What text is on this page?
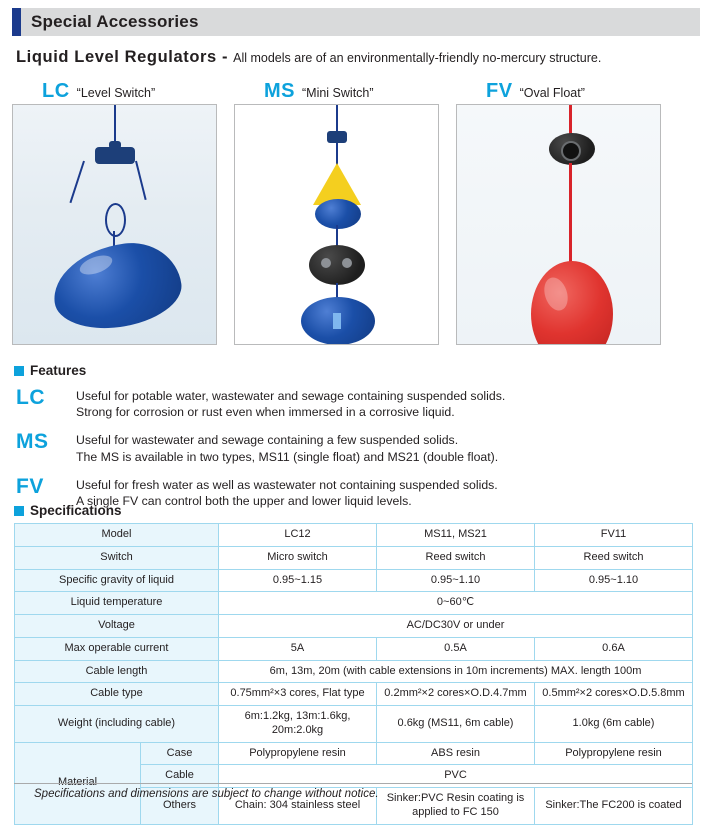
Special Accessories
Liquid Level Regulators - All models are of an environmentally-friendly no-mercury structure.
LC “Level Switch”	MS “Mini Switch”	FV “Oval Float”
Features
LC	Useful for potable water, wastewater and sewage containing suspended solids.
Strong for corrosion or rust even when immersed in a corrosive liquid.
MS	Useful for wastewater and sewage containing a few suspended solids.
The MS is available in two types, MS11 (single float) and MS21 (double float).
FV	Useful for fresh water as well as wastewater not containing suspended solids.
A single FV can control both the upper and lower liquid levels.
Specifications
Model		LC12	MS11, MS21	FV11
Switch		Micro switch	Reed switch	Reed switch
Specific gravity of liquid		0.95~1.15	0.95~1.10	0.95~1.10
Liquid temperature		0~60℃		
Voltage		AC/DC30V or under		
Max operable current		5A	0.5A	0.6A
Cable length		6m, 13m, 20m (with cable extensions in 10m increments) MAX. length 100m		
Cable type		0.75mm²×3 cores, Flat type	0.2mm²×2 cores×O.D.4.7mm	0.5mm²×2 cores×O.D.5.8mm
Weight (including cable)		6m:1.2kg, 13m:1.6kg, 20m:2.0kg	0.6kg (MS11, 6m cable)	1.0kg (6m cable)
	Case	Polypropylene resin	ABS resin	Polypropylene resin
	Cable	PVC		
	Others	Chain: 304 stainless steel	Sinker:PVC Resin coating is applied to FC 150	Sinker:The FC200 is coated
Specifications and dimensions are subject to change without notice.
